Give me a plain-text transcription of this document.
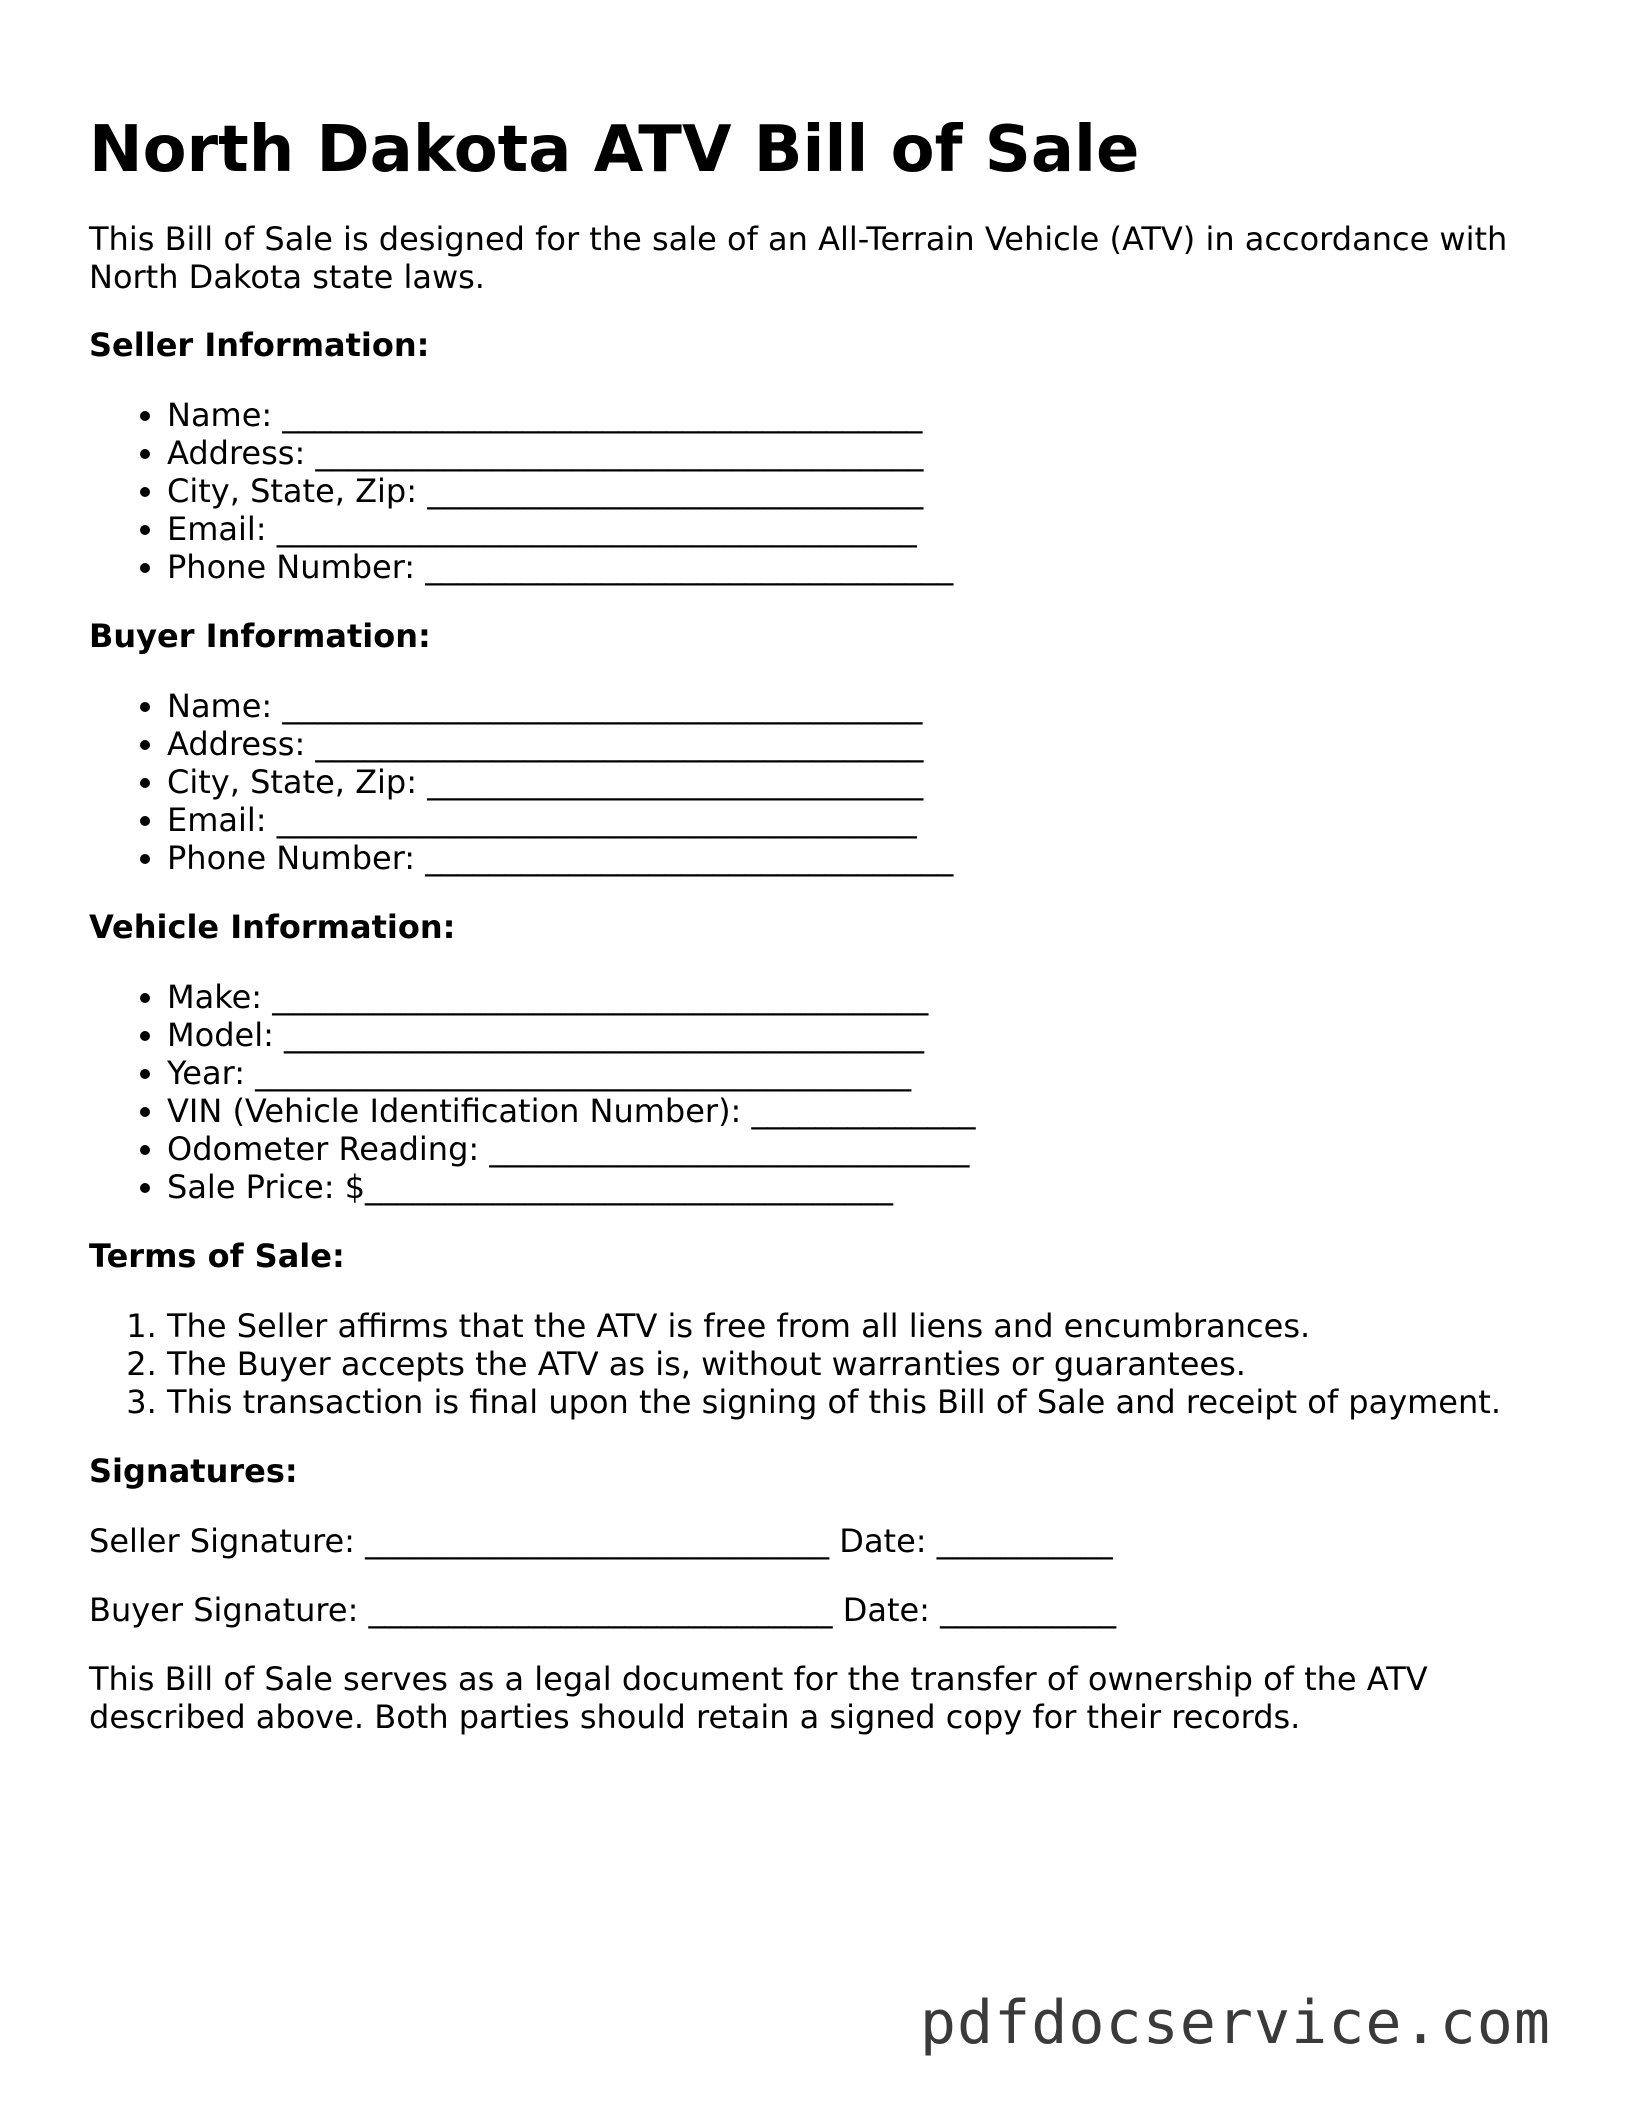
North Dakota ATV Bill of Sale

This Bill of Sale is designed for the sale of an All-Terrain Vehicle (ATV) in accordance with North Dakota state laws.

Seller Information:
• Name: ________________________________________
• Address: ______________________________________
• City, State, Zip: _______________________________
• Email: ________________________________________
• Phone Number: _________________________________
Buyer Information:
• Name: ________________________________________
• Address: ______________________________________
• City, State, Zip: _______________________________
• Email: ________________________________________
• Phone Number: _________________________________
Vehicle Information:
• Make: _________________________________________
• Model: ________________________________________
• Year: _________________________________________
• VIN (Vehicle Identification Number): ______________
• Odometer Reading: ______________________________
• Sale Price: $_________________________________
Terms of Sale:
1. The Seller affirms that the ATV is free from all liens and encumbrances.
2. The Buyer accepts the ATV as is, without warranties or guarantees.
3. This transaction is final upon the signing of this Bill of Sale and receipt of payment.
Signatures:
Seller Signature: _____________________________ Date: ___________
Buyer Signature: _____________________________ Date: ___________

This Bill of Sale serves as a legal document for the transfer of ownership of the ATV described above. Both parties should retain a signed copy for their records.

pdfdocservice.com
